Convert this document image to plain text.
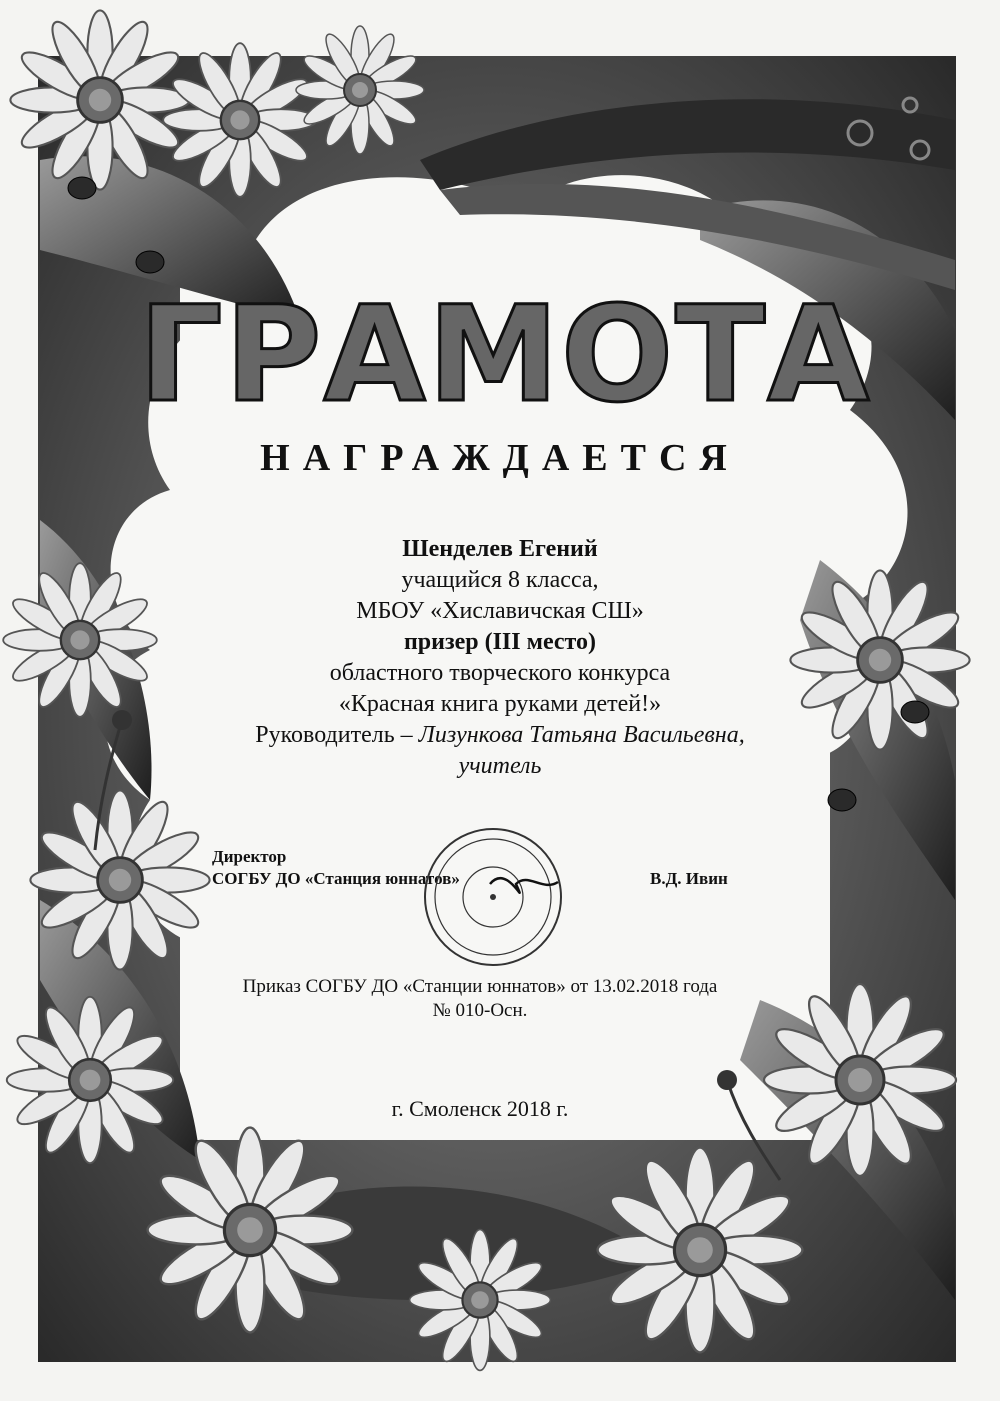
ГРАМОТА
НАГРАЖДАЕТСЯ
Шенделев Егений
учащийся 8 класса,
МБОУ «Хиславичская СШ»
призер (III место)
областного творческого конкурса
«Красная книга руками детей!»
Руководитель – Лизункова Татьяна Васильевна,
учитель
Директор
СОГБУ ДО «Станция юннатов»	В.Д. Ивин
Приказ СОГБУ ДО «Станции юннатов» от 13.02.2018 года
№ 010-Осн.
г. Смоленск 2018 г.
